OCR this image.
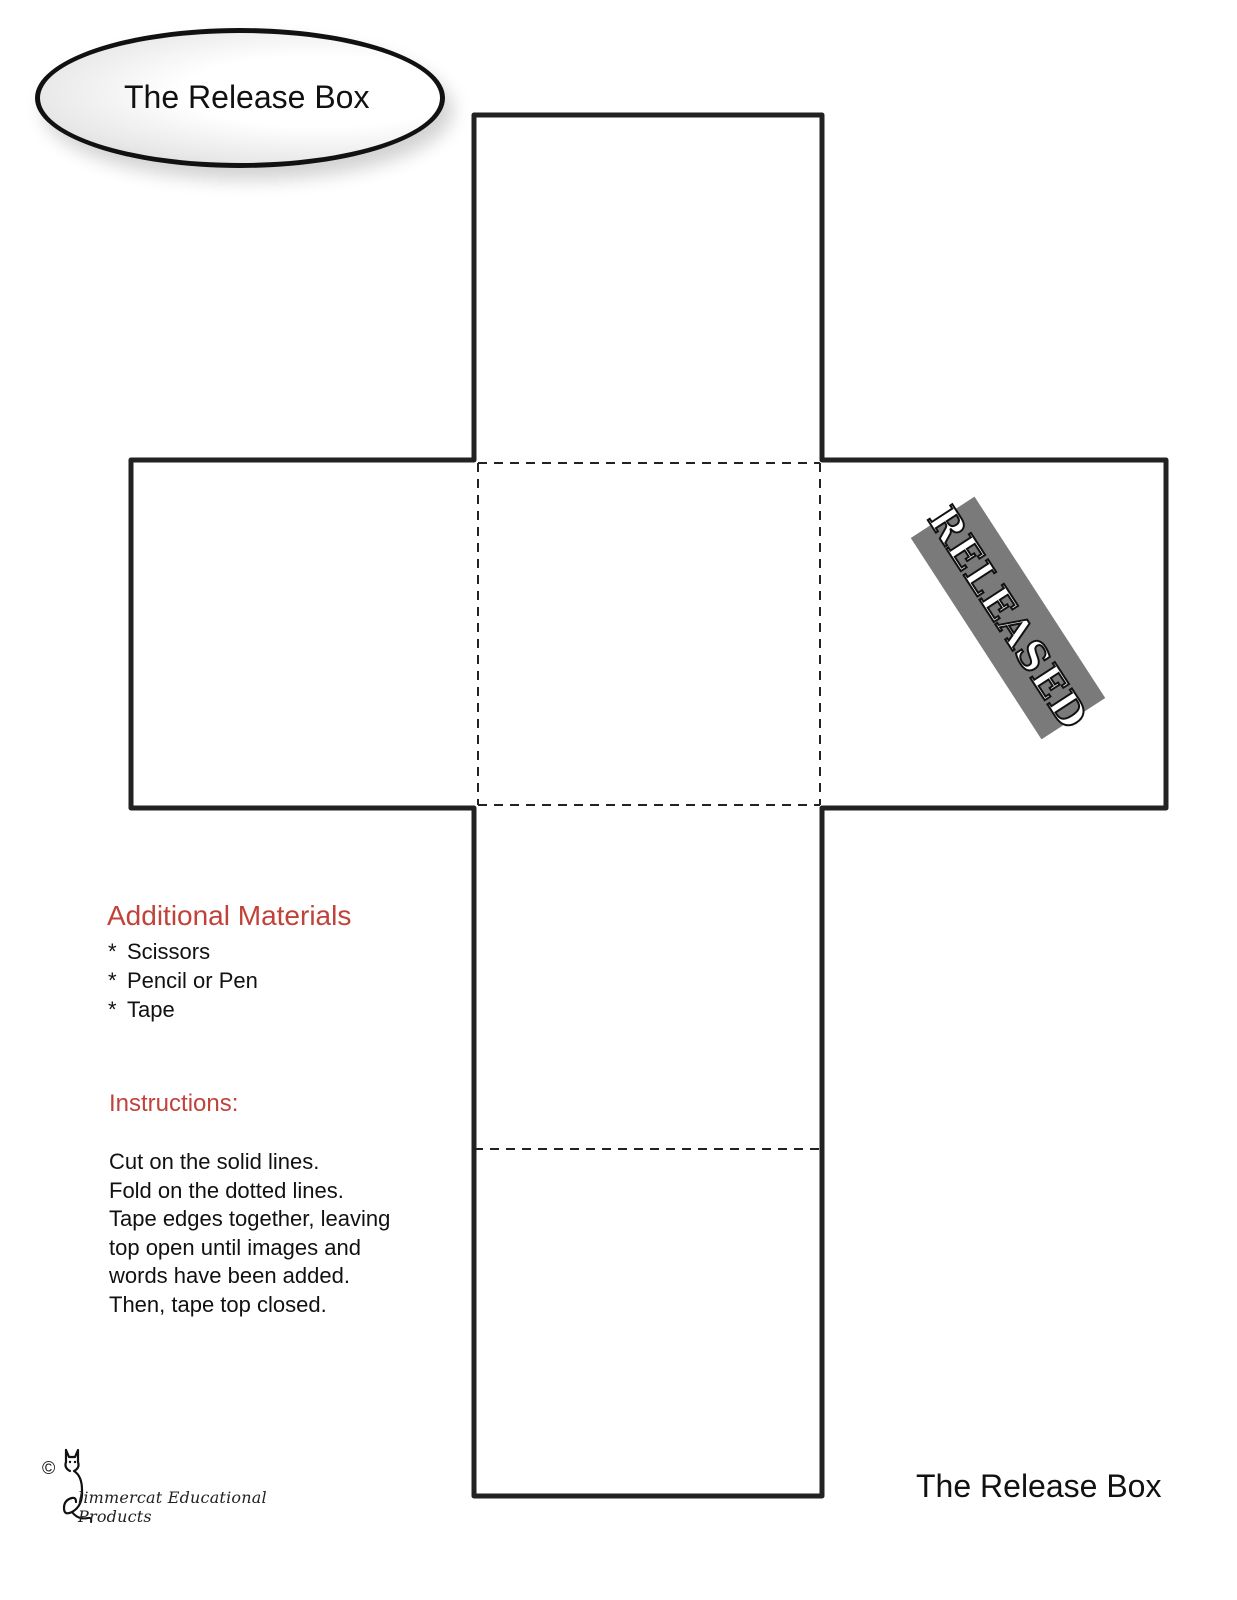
The Release Box
RELEASED
Additional Materials
* Scissors
* Pencil or Pen
* Tape
Instructions:
Cut on the solid lines.
Fold on the dotted lines.
Tape edges together, leaving
top open until images and
words have been added.
Then, tape top closed.
©
limmercat Educational Products
The Release Box
